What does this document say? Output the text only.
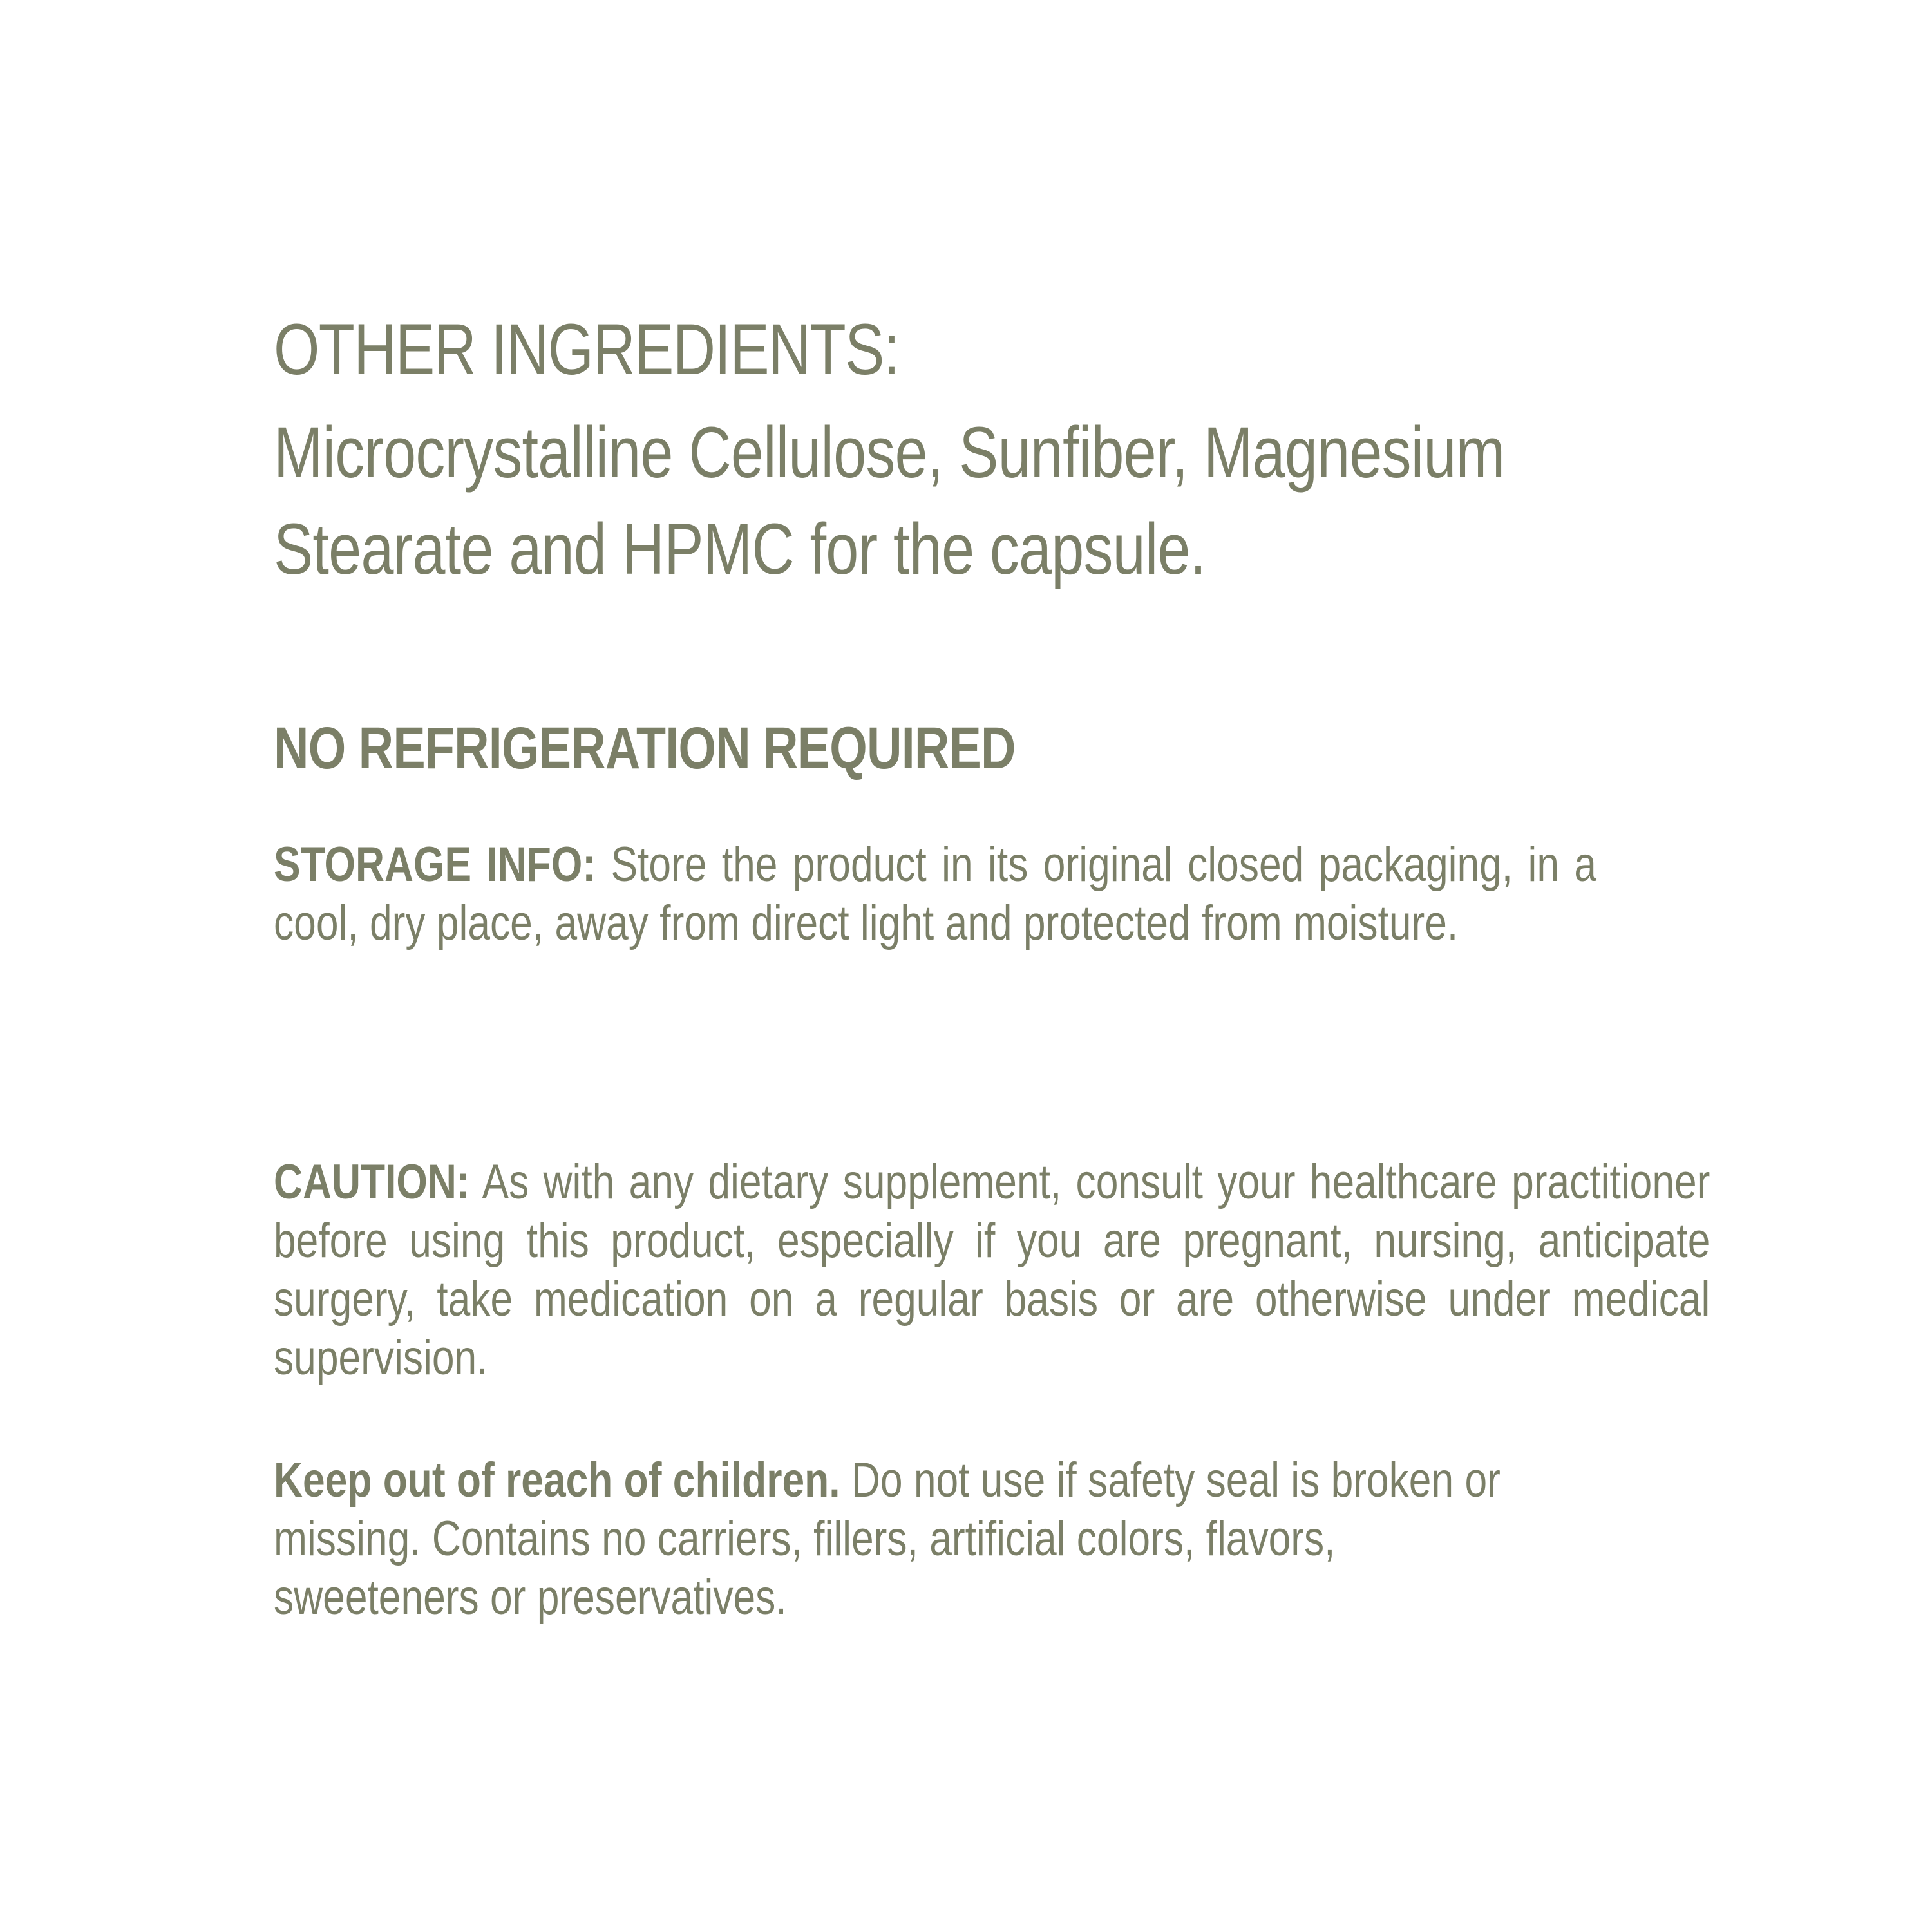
OTHER INGREDIENTS:

Microcrystalline Cellulose, Sunfiber, Magnesium
Stearate and HPMC for the capsule.

NO REFRIGERATION REQUIRED

STORAGE INFO: Store the product in its original closed packaging, in a cool, dry place, away from direct light and protected from moisture.

CAUTION: As with any dietary supplement, consult your healthcare practitioner before using this product, especially if you are pregnant, nursing, anticipate surgery, take medication on a regular basis or are otherwise under medical supervision.

Keep out of reach of children. Do not use if safety seal is broken or missing. Contains no carriers, fillers, artificial colors, flavors, sweeteners or preservatives.
